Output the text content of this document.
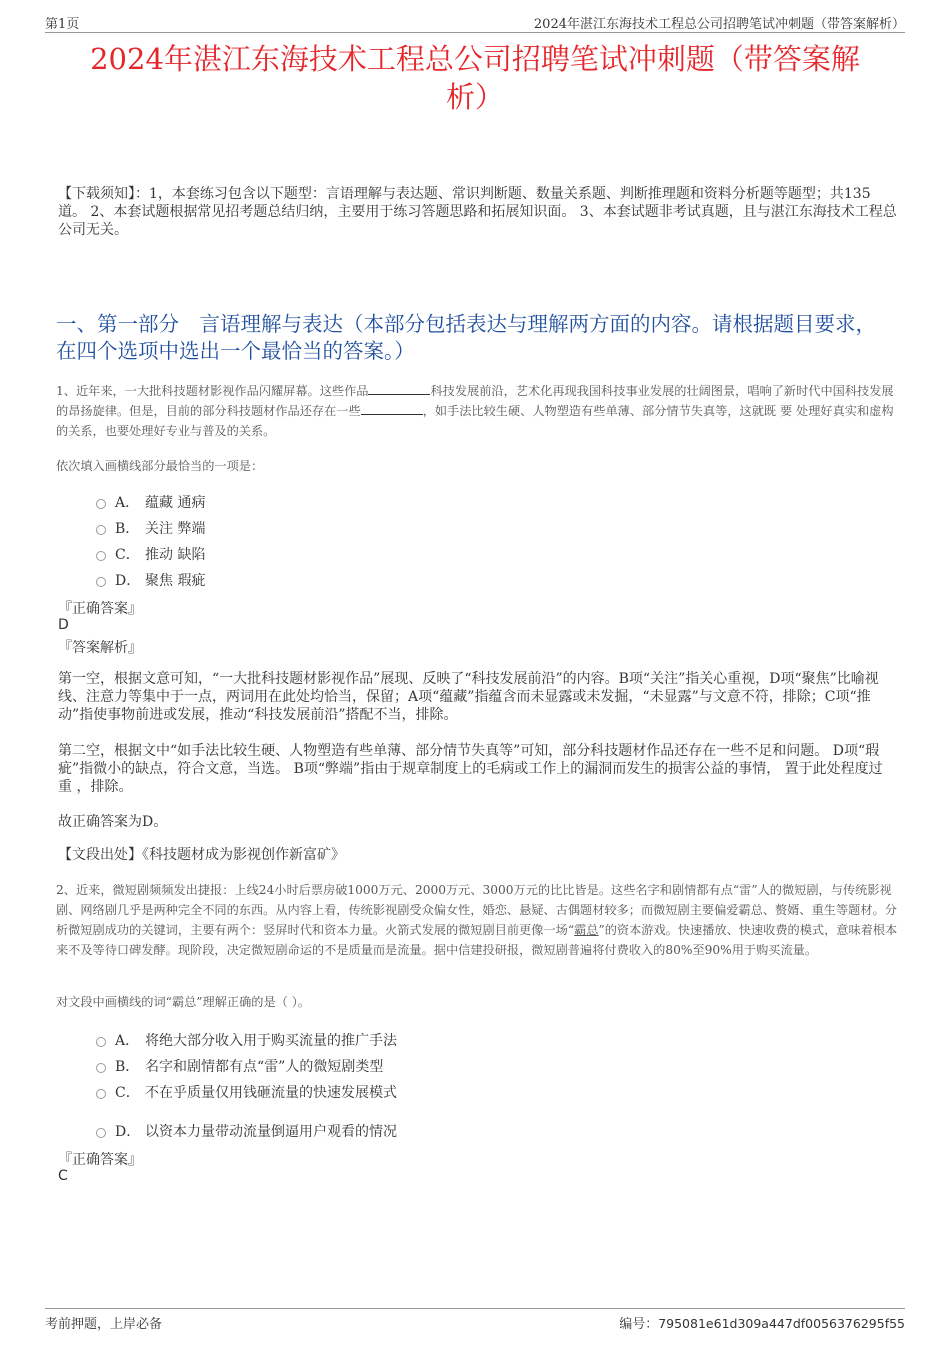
第1页	2024年湛江东海技术工程总公司招聘笔试冲刺题（带答案解析）
2024年湛江东海技术工程总公司招聘笔试冲刺题（带答案解
析）
【下载须知】：1，本套练习包含以下题型：言语理解与表达题、常识判断题、数量关系题、判断推理题和资料分析题等题型；共135道。 2、本套试题根据常见招考题总结归纳，主要用于练习答题思路和拓展知识面。 3、本套试题非考试真题，且与湛江东海技术工程总公司无关。
一、第一部分　言语理解与表达（本部分包括表达与理解两方面的内容。请根据题目要求，在四个选项中选出一个最恰当的答案。）
1、近年来，一大批科技题材影视作品闪耀屏幕。这些作品	科技发展前沿，艺术化再现我国科技事业发展的壮阔图景，唱响了新时代中国科技发展的昂扬旋律。但是，目前的部分科技题材作品还存在一些	，如手法比较生硬、人物塑造有些单薄、部分情节失真等，这就既 要 处理好真实和虚构的关系，也要处理好专业与普及的关系。
依次填入画横线部分最恰当的一项是：
A． 蕴藏 通病
B． 关注 弊端
C． 推动 缺陷
D． 聚焦 瑕疵
『正确答案』
D
『答案解析』
第一空，根据文意可知，“一大批科技题材影视作品”展现、反映了“科技发展前沿”的内容。B项“关注”指关心重视，D项“聚焦”比喻视线、注意力等集中于一点，两词用在此处均恰当，保留；A项“蕴藏”指蕴含而未显露或未发掘，“未显露”与文意不符，排除；C项“推动”指使事物前进或发展，推动“科技发展前沿”搭配不当，排除。
第二空，根据文中“如手法比较生硬、人物塑造有些单薄、部分情节失真等”可知，部分科技题材作品还存在一些不足和问题。 D项“瑕疵”指微小的缺点，符合文意，当选。 B项“弊端”指由于规章制度上的毛病或工作上的漏洞而发生的损害公益的事情， 置于此处程度过重 ，排除。
故正确答案为D。
【文段出处】《科技题材成为影视创作新富矿》
2、近来，微短剧频频发出捷报：上线24小时后票房破1000万元、2000万元、3000万元的比比皆是。这些名字和剧情都有点“雷”人的微短剧，与传统影视剧、网络剧几乎是两种完全不同的东西。从内容上看，传统影视剧受众偏女性，婚恋、悬疑、古偶题材较多；而微短剧主要偏爱霸总、赘婿、重生等题材。分析微短剧成功的关键词，主要有两个：竖屏时代和资本力量。火箭式发展的微短剧目前更像一场“霸总”的资本游戏。快速播放、快速收费的模式，意味着根本来不及等待口碑发酵。现阶段，决定微短剧命运的不是质量而是流量。据中信建投研报，微短剧普遍将付费收入的80%至90%用于购买流量。
对文段中画横线的词“霸总”理解正确的是（ ）。
A． 将绝大部分收入用于购买流量的推广手法
B． 名字和剧情都有点“雷”人的微短剧类型
C． 不在乎质量仅用钱砸流量的快速发展模式
D． 以资本力量带动流量倒逼用户观看的情况
『正确答案』
C
考前押题，上岸必备	编号：795081e61d309a447df0056376295f55
